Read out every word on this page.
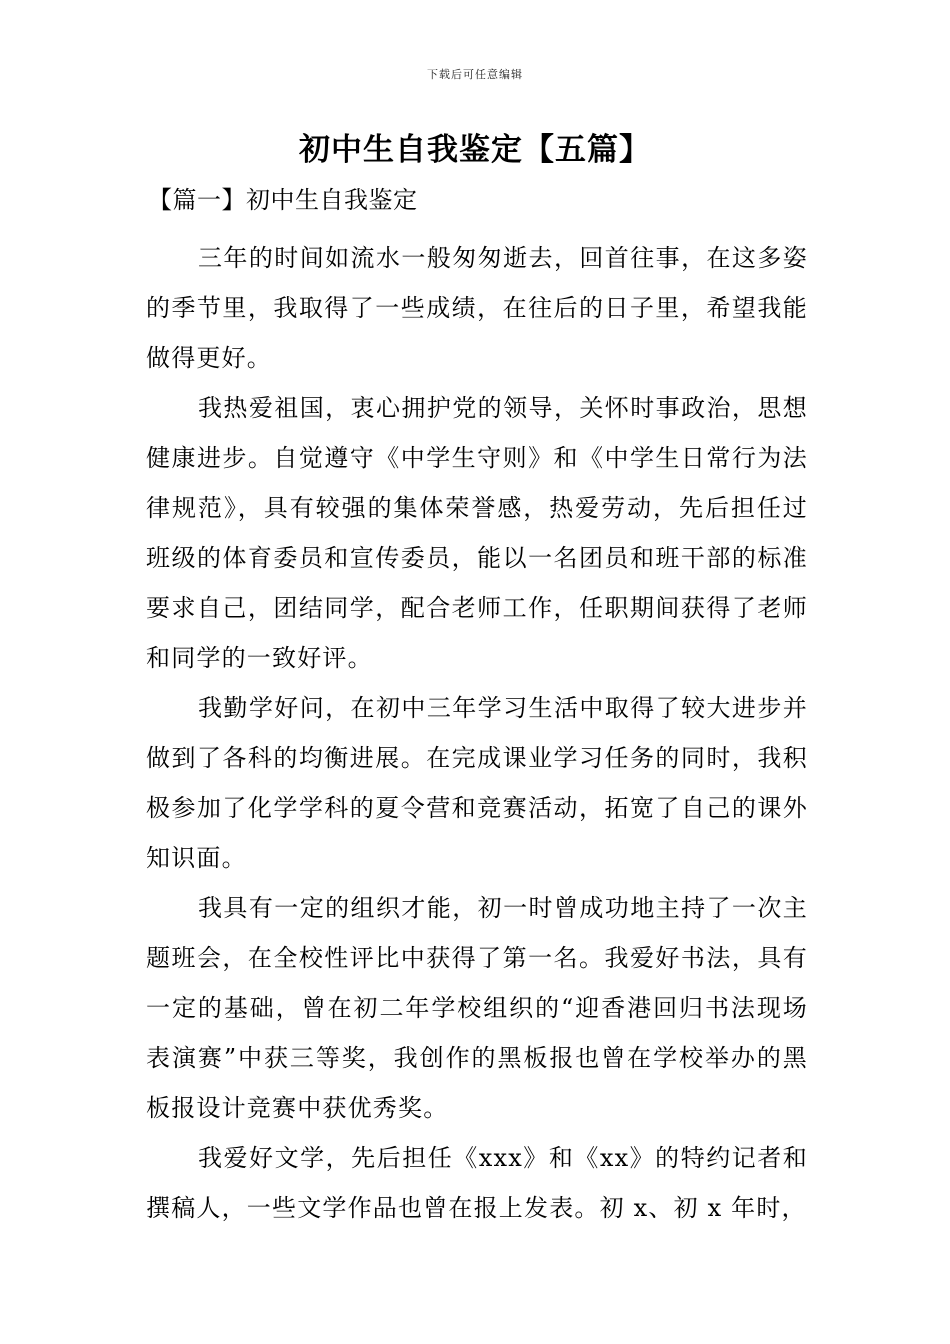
下载后可任意编辑
初中生自我鉴定【五篇】
【篇一】初中生自我鉴定

三年的时间如流水一般匆匆逝去，回首往事，在这多姿的季节里，我取得了一些成绩，在往后的日子里，希望我能做得更好。

我热爱祖国，衷心拥护党的领导，关怀时事政治，思想健康进步。自觉遵守《中学生守则》和《中学生日常行为法律规范》，具有较强的集体荣誉感，热爱劳动，先后担任过班级的体育委员和宣传委员，能以一名团员和班干部的标准要求自己，团结同学，配合老师工作，任职期间获得了老师和同学的一致好评。

我勤学好问，在初中三年学习生活中取得了较大进步并做到了各科的均衡进展。在完成课业学习任务的同时，我积极参加了化学学科的夏令营和竞赛活动，拓宽了自己的课外知识面。

我具有一定的组织才能，初一时曾成功地主持了一次主题班会，在全校性评比中获得了第一名。我爱好书法，具有一定的基础，曾在初二年学校组织的“迎香港回归书法现场表演赛”中获三等奖，我创作的黑板报也曾在学校举办的黑板报设计竞赛中获优秀奖。

我爱好文学，先后担任《xxx》和《xx》的特约记者和撰稿人，一些文学作品也曾在报上发表。初 x、初 x 年时，
